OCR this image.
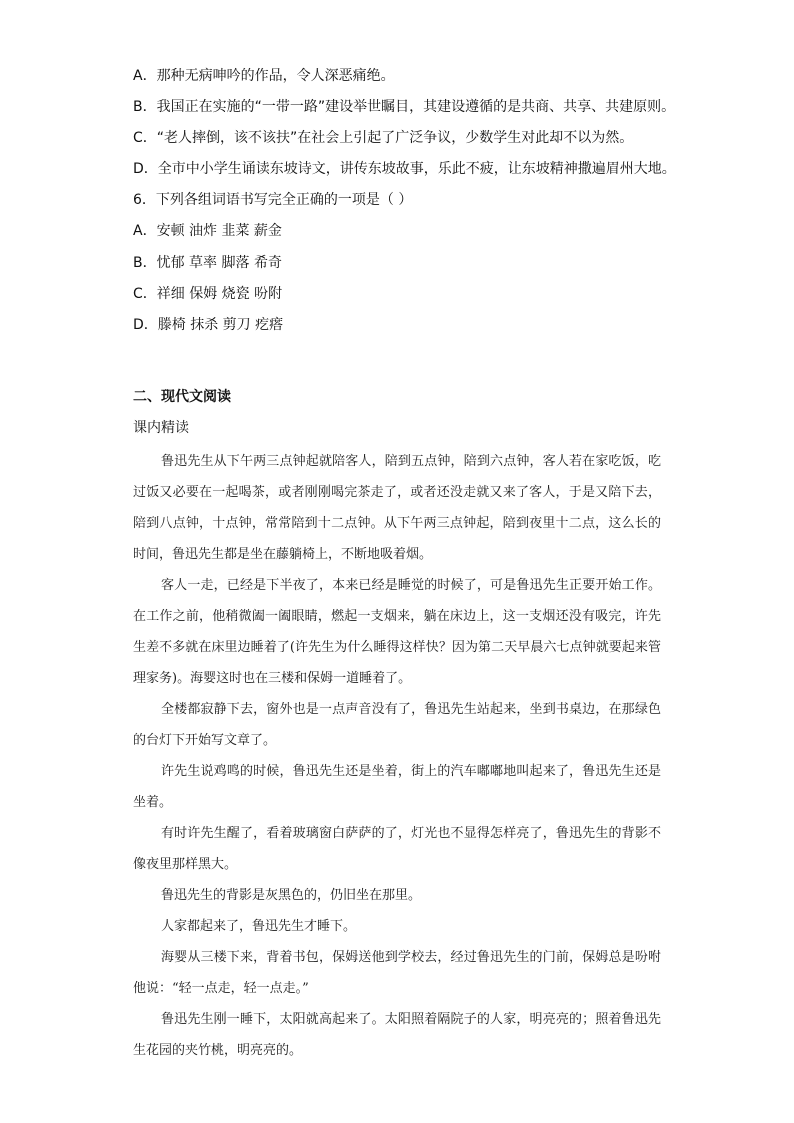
A．那种无病呻吟的作品，令人深恶痛绝。
B．我国正在实施的“一带一路”建设举世瞩目，其建设遵循的是共商、共享、共建原则。
C．“老人摔倒，该不该扶”在社会上引起了广泛争议，少数学生对此却不以为然。
D．全市中小学生诵读东坡诗文，讲传东坡故事，乐此不疲，让东坡精神撒遍眉州大地。
6．下列各组词语书写完全正确的一项是（ ）
A．安顿 油炸 韭菜 薪金
B．忧郁 草率 脚落 希奇
C．祥细 保姆 烧瓷 吩附
D．滕椅 抹杀 剪刀 疙瘩
二、现代文阅读
课内精读

鲁迅先生从下午两三点钟起就陪客人，陪到五点钟，陪到六点钟，客人若在家吃饭，吃过饭又必要在一起喝茶，或者刚刚喝完茶走了，或者还没走就又来了客人，于是又陪下去，陪到八点钟，十点钟，常常陪到十二点钟。从下午两三点钟起，陪到夜里十二点，这么长的时间，鲁迅先生都是坐在藤躺椅上，不断地吸着烟。

客人一走，已经是下半夜了，本来已经是睡觉的时候了，可是鲁迅先生正要开始工作。在工作之前，他稍微阖一阖眼睛，燃起一支烟来，躺在床边上，这一支烟还没有吸完，许先生差不多就在床里边睡着了(许先生为什么睡得这样快？因为第二天早晨六七点钟就要起来管理家务)。海婴这时也在三楼和保姆一道睡着了。

全楼都寂静下去，窗外也是一点声音没有了，鲁迅先生站起来，坐到书桌边，在那绿色的台灯下开始写文章了。

许先生说鸡鸣的时候，鲁迅先生还是坐着，街上的汽车嘟嘟地叫起来了，鲁迅先生还是坐着。

有时许先生醒了，看着玻璃窗白萨萨的了，灯光也不显得怎样亮了，鲁迅先生的背影不像夜里那样黑大。

鲁迅先生的背影是灰黑色的，仍旧坐在那里。

人家都起来了，鲁迅先生才睡下。

海婴从三楼下来，背着书包，保姆送他到学校去，经过鲁迅先生的门前，保姆总是吩咐他说：“轻一点走，轻一点走。”

鲁迅先生刚一睡下，太阳就高起来了。太阳照着隔院子的人家，明亮亮的；照着鲁迅先生花园的夹竹桃，明亮亮的。
